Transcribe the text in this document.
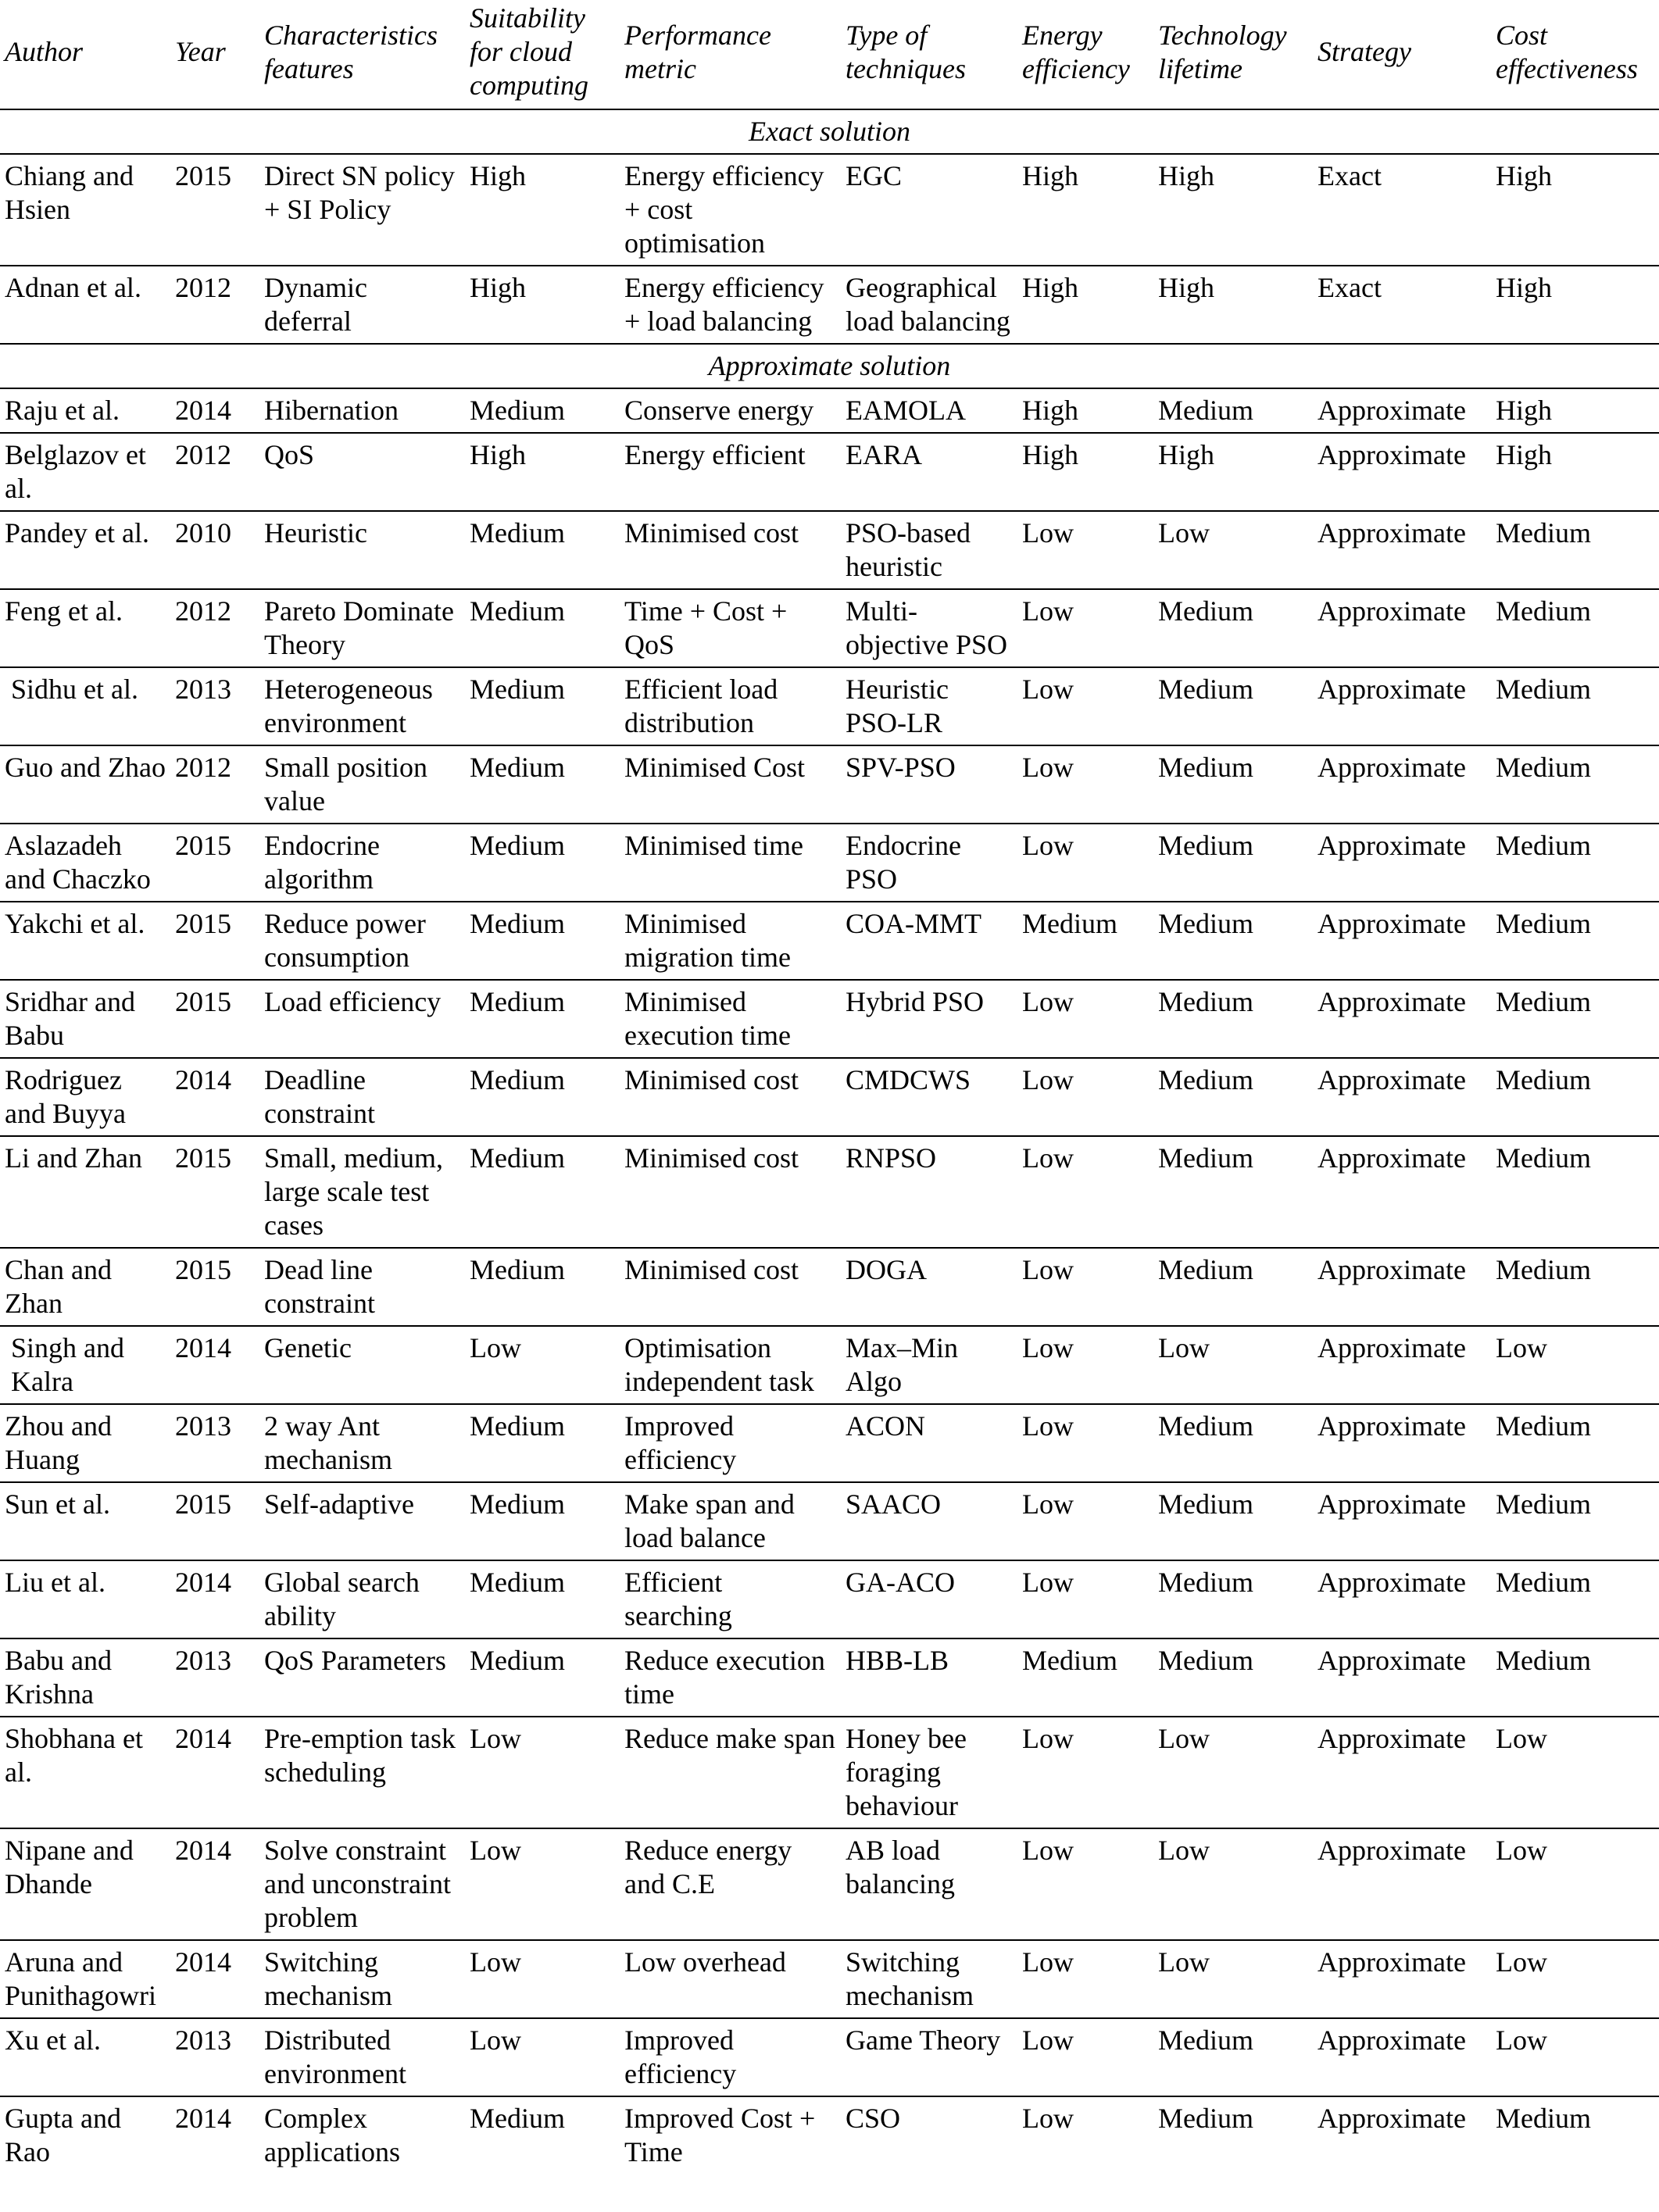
Author	Year	Characteristics features	Suitability for cloud computing	Performance metric	Type of techniques	Energy efficiency	Technology lifetime	Strategy	Cost effectiveness
Exact solution									
Chiang and Hsien	2015	Direct SN policy + SI Policy	High	Energy efficiency + cost optimisation	EGC	High	High	Exact	High
Adnan et al.	2012	Dynamic deferral	High	Energy efficiency + load balancing	Geographical load balancing	High	High	Exact	High
Approximate solution									
Raju et al.	2014	Hibernation	Medium	Conserve energy	EAMOLA	High	Medium	Approximate	High
Belglazov et al.	2012	QoS	High	Energy efficient	EARA	High	High	Approximate	High
Pandey et al.	2010	Heuristic	Medium	Minimised cost	PSO-based heuristic	Low	Low	Approximate	Medium
Feng et al.	2012	Pareto Dominate Theory	Medium	Time + Cost + QoS	Multi-objective PSO	Low	Medium	Approximate	Medium
Sidhu et al.	2013	Heterogeneous environment	Medium	Efficient load distribution	Heuristic PSO-LR	Low	Medium	Approximate	Medium
Guo and Zhao	2012	Small position value	Medium	Minimised Cost	SPV-PSO	Low	Medium	Approximate	Medium
Aslazadeh and Chaczko	2015	Endocrine algorithm	Medium	Minimised time	Endocrine PSO	Low	Medium	Approximate	Medium
Yakchi et al.	2015	Reduce power consumption	Medium	Minimised migration time	COA-MMT	Medium	Medium	Approximate	Medium
Sridhar and Babu	2015	Load efficiency	Medium	Minimised execution time	Hybrid PSO	Low	Medium	Approximate	Medium
Rodriguez and Buyya	2014	Deadline constraint	Medium	Minimised cost	CMDCWS	Low	Medium	Approximate	Medium
Li and Zhan	2015	Small, medium, large scale test cases	Medium	Minimised cost	RNPSO	Low	Medium	Approximate	Medium
Chan and Zhan	2015	Dead line constraint	Medium	Minimised cost	DOGA	Low	Medium	Approximate	Medium
Singh and Kalra	2014	Genetic	Low	Optimisation independent task	Max–Min Algo	Low	Low	Approximate	Low
Zhou and Huang	2013	2 way Ant mechanism	Medium	Improved efficiency	ACON	Low	Medium	Approximate	Medium
Sun et al.	2015	Self-adaptive	Medium	Make span and load balance	SAACO	Low	Medium	Approximate	Medium
Liu et al.	2014	Global search ability	Medium	Efficient searching	GA-ACO	Low	Medium	Approximate	Medium
Babu and Krishna	2013	QoS Parameters	Medium	Reduce execution time	HBB-LB	Medium	Medium	Approximate	Medium
Shobhana et al.	2014	Pre-emption task scheduling	Low	Reduce make span	Honey bee foraging behaviour	Low	Low	Approximate	Low
Nipane and Dhande	2014	Solve constraint and unconstraint problem	Low	Reduce energy and C.E	AB load balancing	Low	Low	Approximate	Low
Aruna and Punithagowri	2014	Switching mechanism	Low	Low overhead	Switching mechanism	Low	Low	Approximate	Low
Xu et al.	2013	Distributed environment	Low	Improved efficiency	Game Theory	Low	Medium	Approximate	Low
Gupta and Rao	2014	Complex applications	Medium	Improved Cost + Time	CSO	Low	Medium	Approximate	Medium
